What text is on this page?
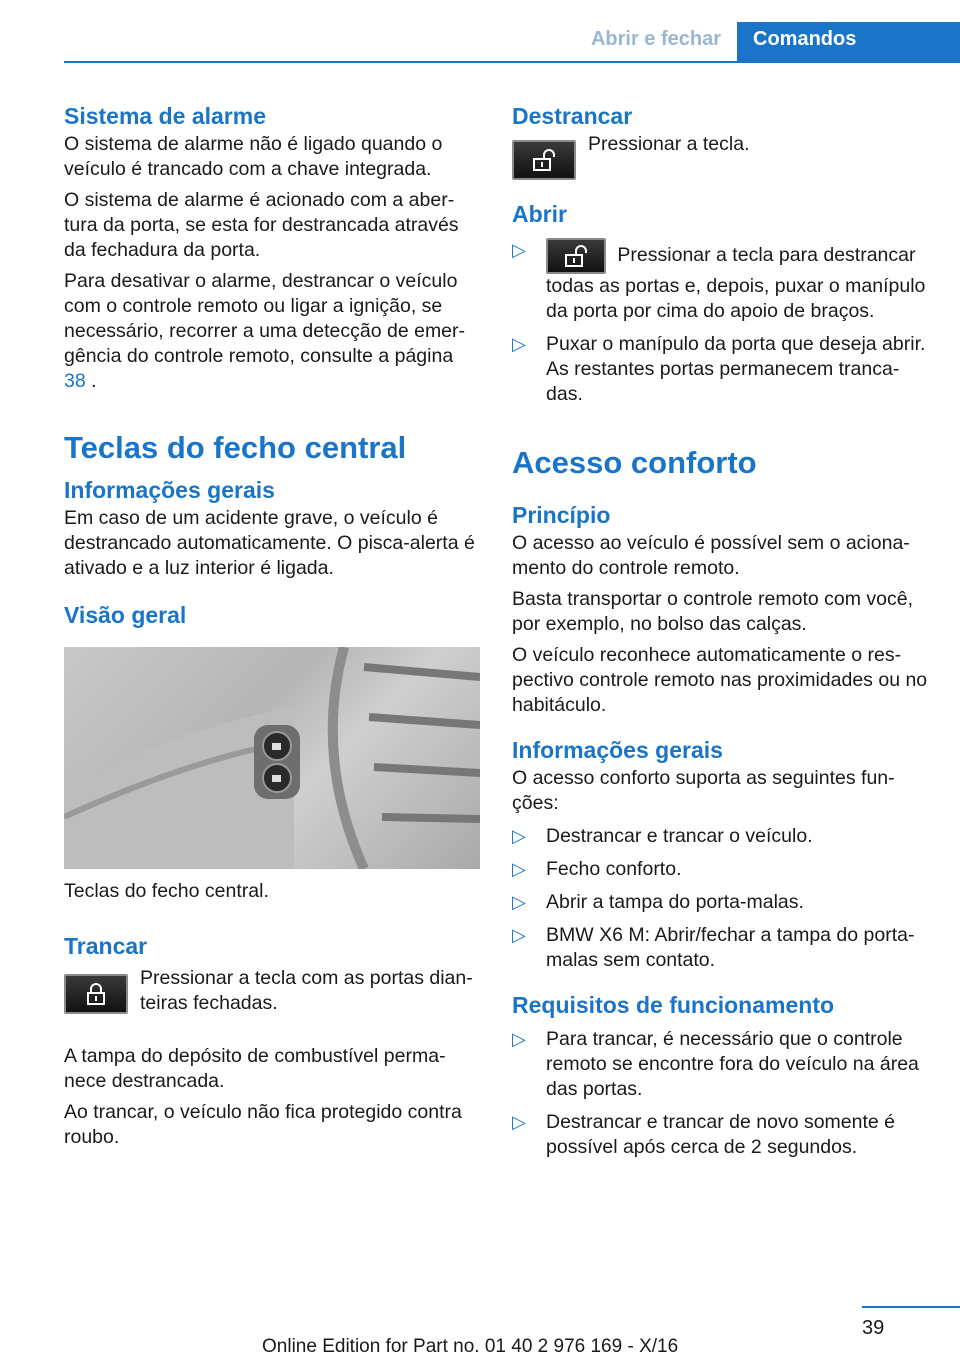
Abrir e fechar	Comandos
Sistema de alarme

O sistema de alarme não é ligado quando o veículo é trancado com a chave integrada.

O sistema de alarme é acionado com a abertura da porta, se esta for destrancada através da fechadura da porta.

Para desativar o alarme, destrancar o veículo com o controle remoto ou ligar a ignição, se necessário, recorrer a uma detecção de emergência do controle remoto, consulte a página 38 .

Teclas do fecho central
Informações gerais

Em caso de um acidente grave, o veículo é destrancado automaticamente. O pisca-alerta é ativado e a luz interior é ligada.

Visão geral

Teclas do fecho central.

Trancar

Pressionar a tecla com as portas dianteiras fechadas.

A tampa do depósito de combustível permanece destrancada.

Ao trancar, o veículo não fica protegido contra roubo.

Destrancar

Pressionar a tecla.

Abrir
▷	Pressionar a tecla para destrancar todas as portas e, depois, puxar o manípulo da porta por cima do apoio de braços.
▷ Puxar o manípulo da porta que deseja abrir. As restantes portas permanecem trancadas.
Acesso conforto
Princípio

O acesso ao veículo é possível sem o acionamento do controle remoto.

Basta transportar o controle remoto com você, por exemplo, no bolso das calças.

O veículo reconhece automaticamente o respectivo controle remoto nas proximidades ou no habitáculo.

Informações gerais

O acesso conforto suporta as seguintes funções:

▷ Destrancar e trancar o veículo.
▷ Fecho conforto.
▷ Abrir a tampa do porta-malas.
▷ BMW X6 M: Abrir/fechar a tampa do porta-malas sem contato.
Requisitos de funcionamento
▷ Para trancar, é necessário que o controle remoto se encontre fora do veículo na área das portas.
▷ Destrancar e trancar de novo somente é possível após cerca de 2 segundos.
39
Online Edition for Part no. 01 40 2 976 169 - X/16
